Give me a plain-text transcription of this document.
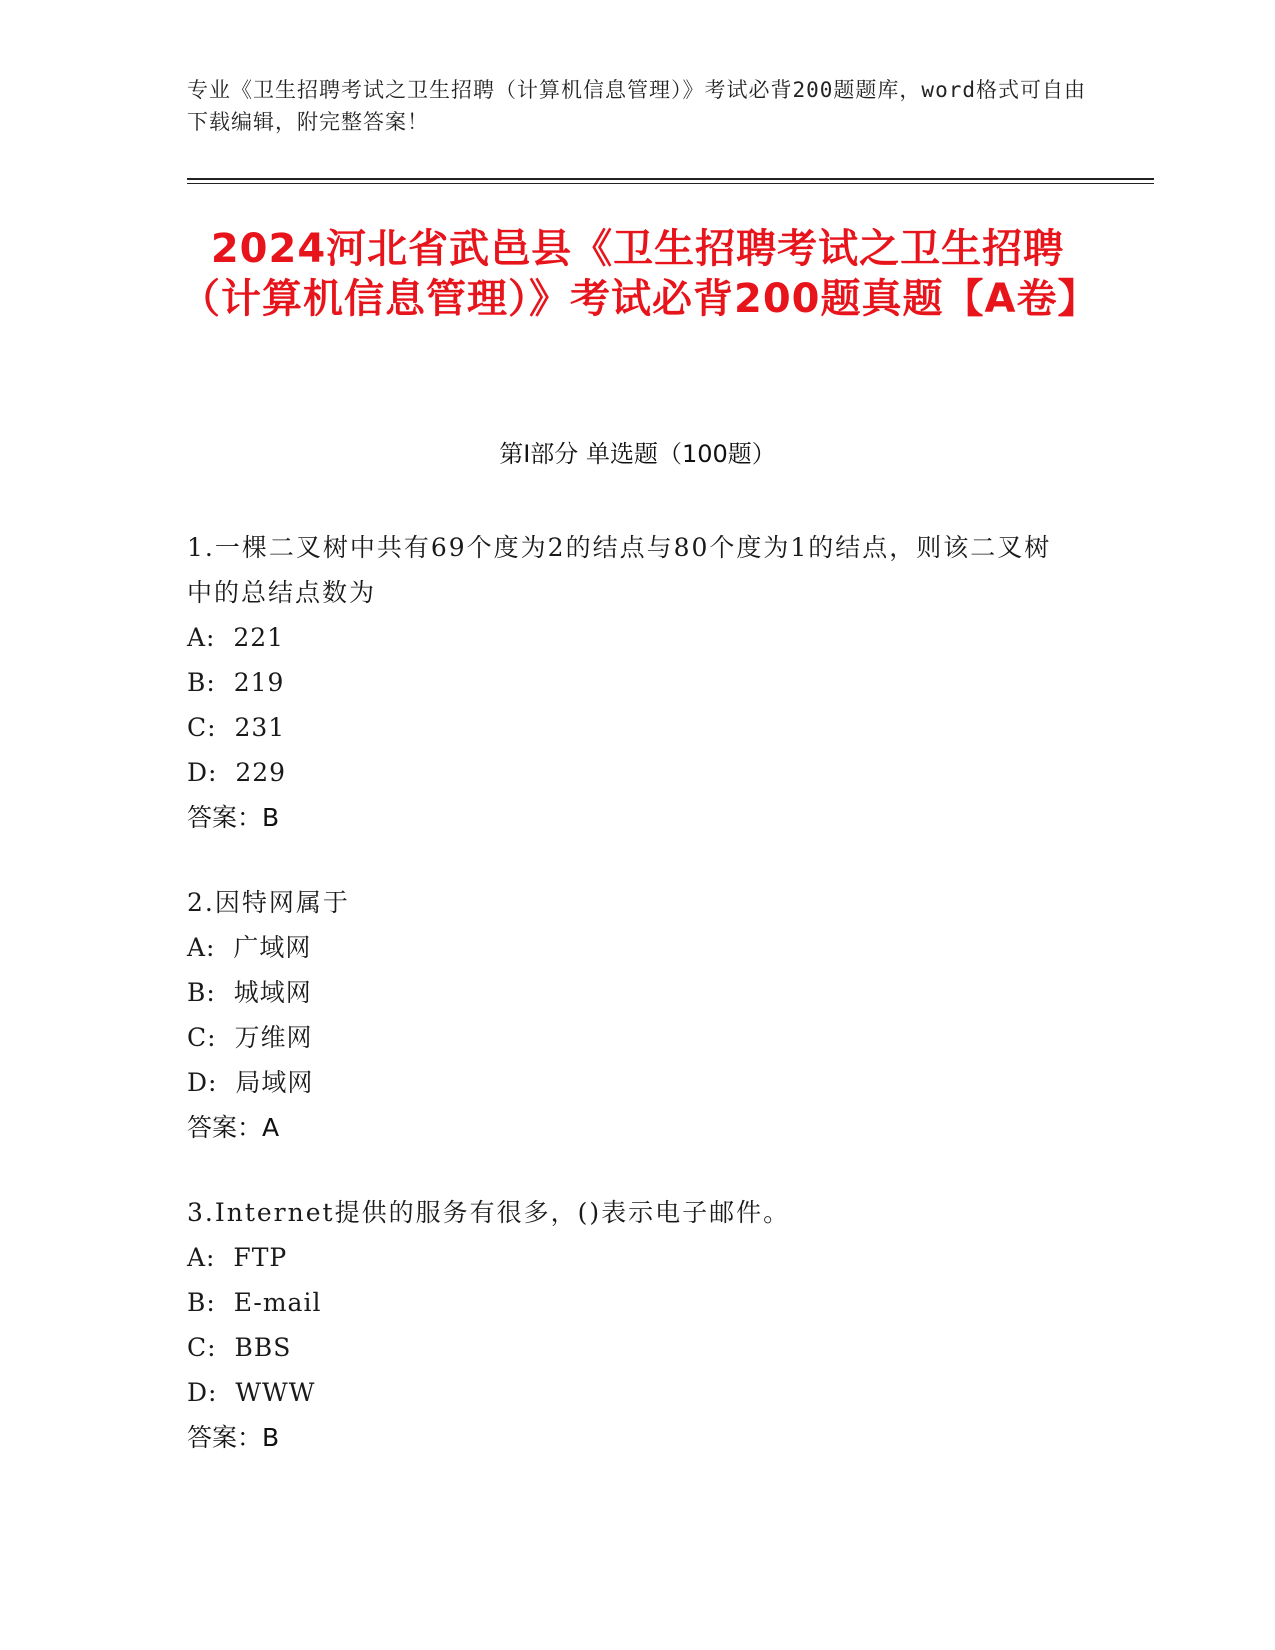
专业《卫生招聘考试之卫生招聘（计算机信息管理）》考试必背200题题库，word格式可自由下载编辑，附完整答案！
2024河北省武邑县《卫生招聘考试之卫生招聘（计算机信息管理）》考试必背200题真题【A卷】
第Ⅰ部分 单选题（100题）
1.一棵二叉树中共有69个度为2的结点与80个度为1的结点，则该二叉树中的总结点数为
A:  221
B:  219
C:  231
D:  229
答案：B
2.因特网属于
A:  广域网
B:  城域网
C:  万维网
D:  局域网
答案：A
3.Internet提供的服务有很多，()表示电子邮件。
A:  FTP
B:  E-mail
C:  BBS
D:  WWW
答案：B
